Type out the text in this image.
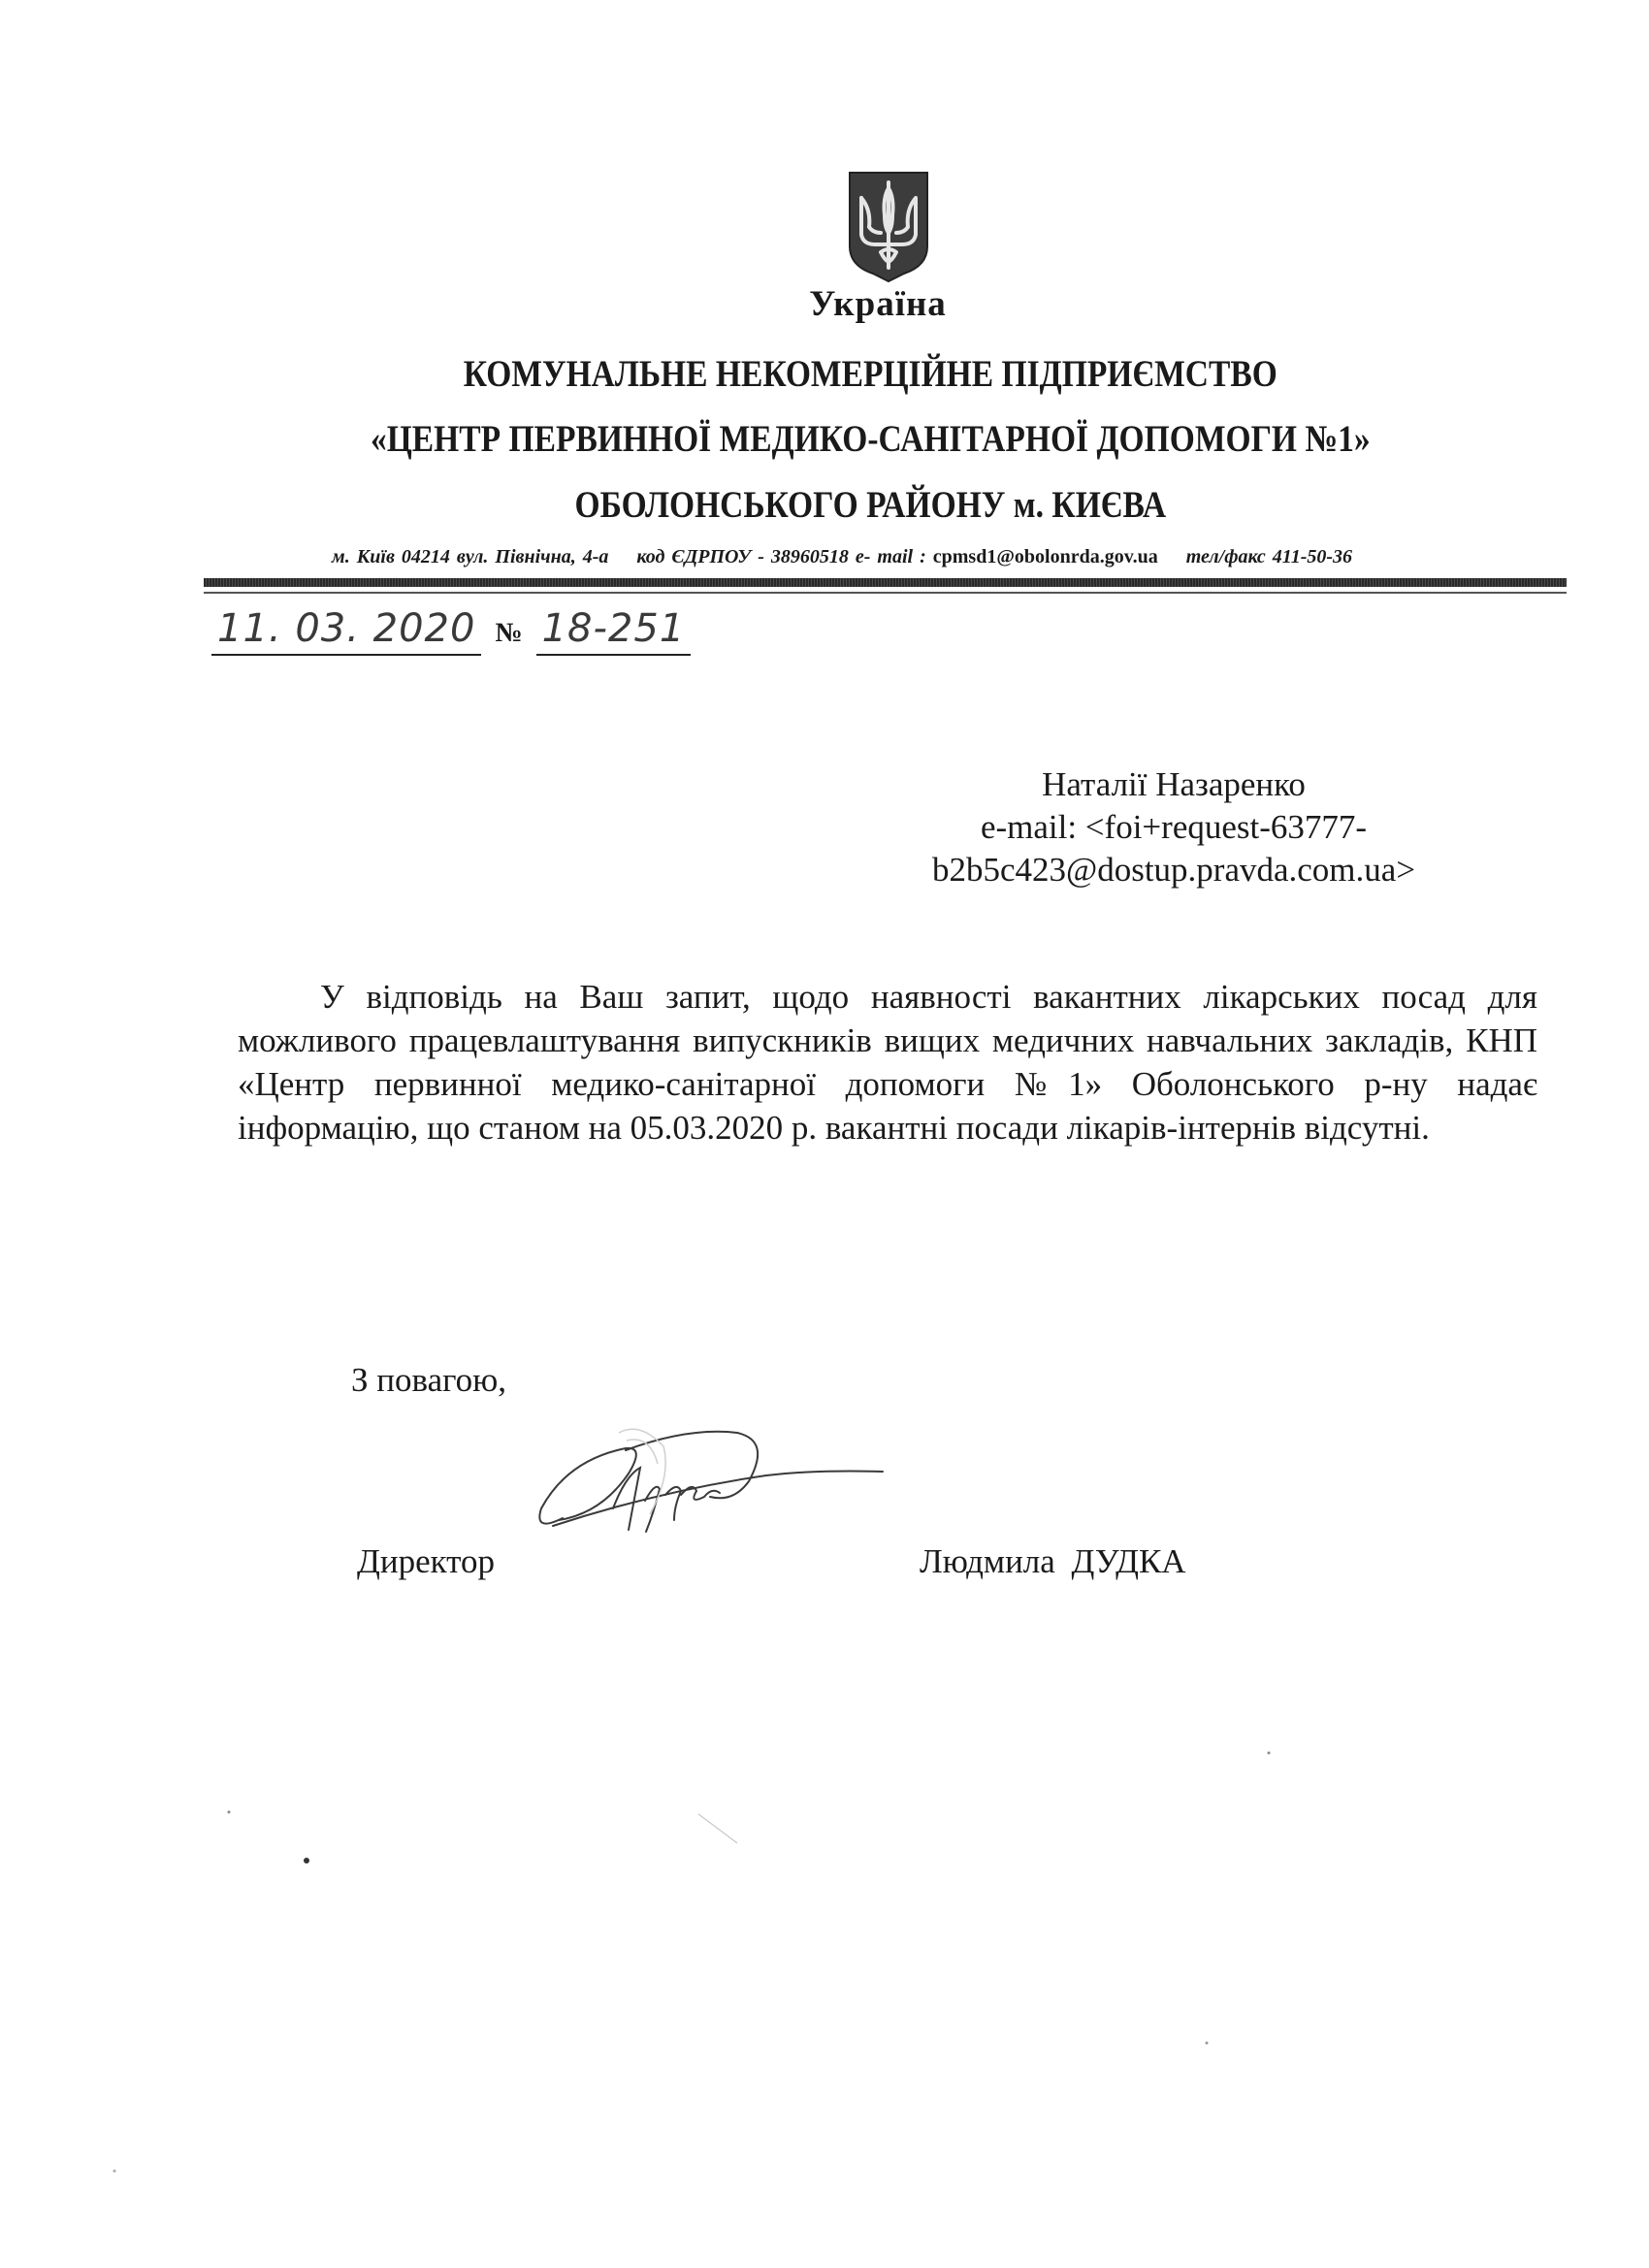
Україна
КОМУНАЛЬНЕ НЕКОМЕРЦІЙНЕ ПІДПРИЄМСТВО
«ЦЕНТР ПЕРВИННОЇ МЕДИКО-САНІТАРНОЇ ДОПОМОГИ №1»
ОБОЛОНСЬКОГО РАЙОНУ м. КИЄВА
м. Київ 04214 вул. Північна, 4-а код ЄДРПОУ - 38960518 e- mail : cpmsd1@obolonrda.gov.ua тел/факс 411-50-36
11. 03. 2020 № 18-251
Наталії Назаренко
e-mail: <foi+request-63777-
b2b5c423@dostup.pravda.com.ua>
У відповідь на Ваш запит, щодо наявності вакантних лікарських посад для можливого працевлаштування випускників вищих медичних навчальних закладів, КНП «Центр первинної медико-санітарної допомоги №1» Оболонського р-ну надає інформацію, що станом на 05.03.2020 р. вакантні посади лікарів-інтернів відсутні.
З повагою,
Директор	Людмила ДУДКА
